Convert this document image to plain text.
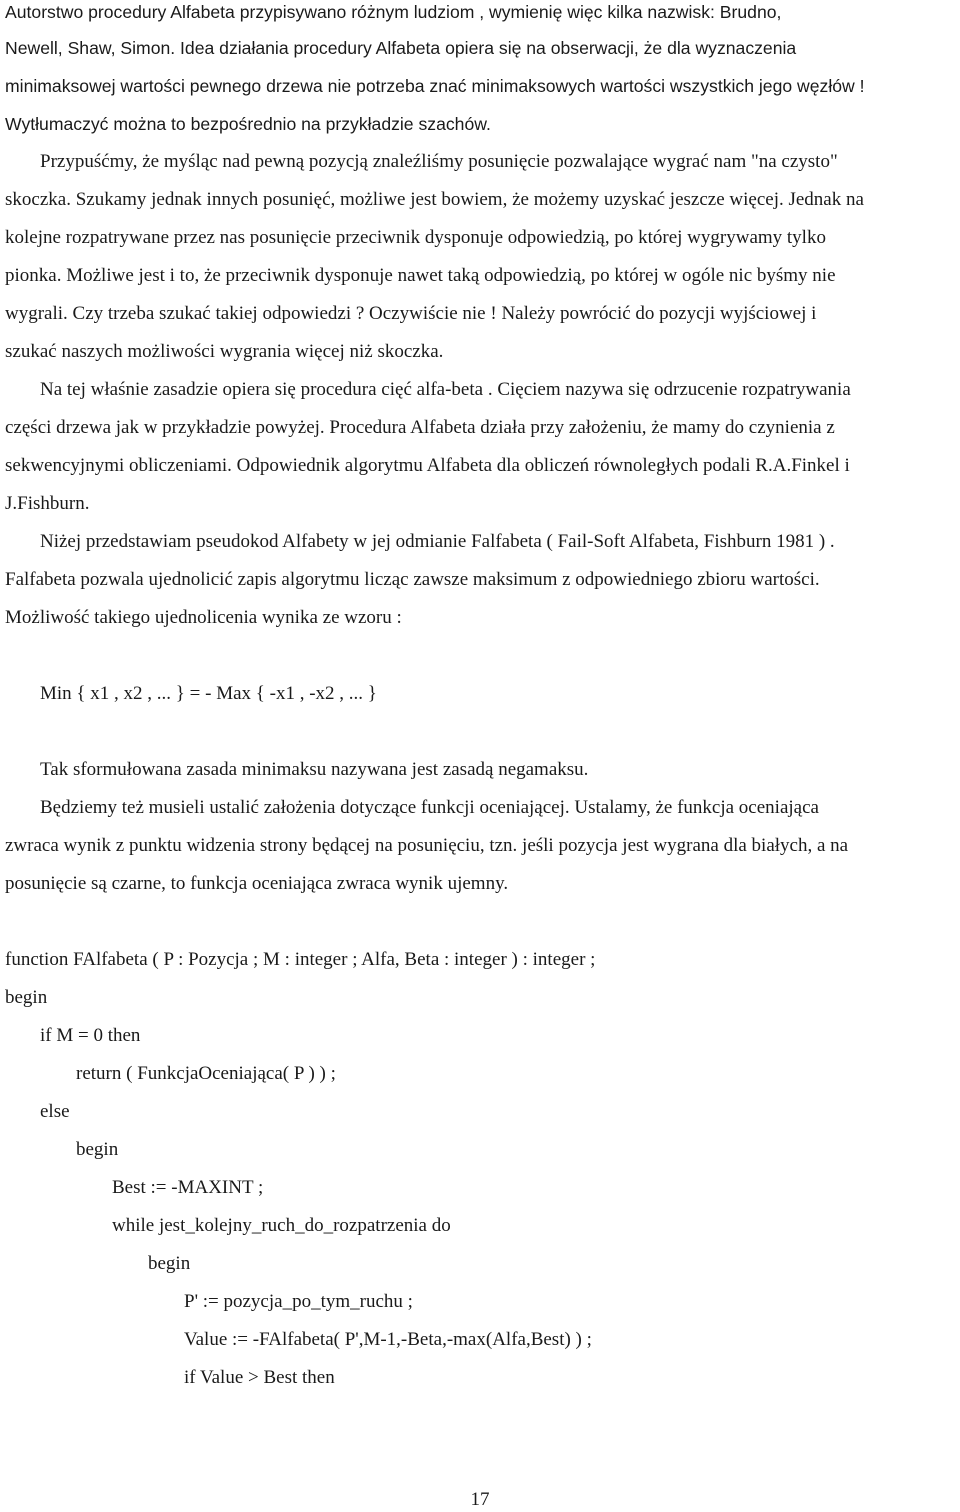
Autorstwo procedury Alfabeta przypisywano różnym ludziom , wymienię więc kilka nazwisk: Brudno,
Newell, Shaw, Simon. Idea działania procedury Alfabeta opiera się na obserwacji, że dla wyznaczenia
minimaksowej wartości pewnego drzewa nie potrzeba znać minimaksowych wartości wszystkich jego węzłów !
Wytłumaczyć można to bezpośrednio na przykładzie szachów.
Przypuśćmy, że myśląc nad pewną pozycją znaleźliśmy posunięcie pozwalające wygrać nam "na czysto"
skoczka. Szukamy jednak innych posunięć, możliwe jest bowiem, że możemy uzyskać jeszcze więcej. Jednak na
kolejne rozpatrywane przez nas posunięcie przeciwnik dysponuje odpowiedzią, po której wygrywamy tylko
pionka. Możliwe jest i to, że przeciwnik dysponuje nawet taką odpowiedzią, po której w ogóle nic byśmy nie
wygrali. Czy trzeba szukać takiej odpowiedzi ? Oczywiście nie ! Należy powrócić do pozycji wyjściowej i
szukać naszych możliwości wygrania więcej niż skoczka.
Na tej właśnie zasadzie opiera się procedura cięć alfa-beta . Cięciem nazywa się odrzucenie rozpatrywania
części drzewa jak w przykładzie powyżej. Procedura Alfabeta działa przy założeniu, że mamy do czynienia z
sekwencyjnymi obliczeniami. Odpowiednik algorytmu Alfabeta dla obliczeń równoległych podali R.A.Finkel i
J.Fishburn.
Niżej przedstawiam pseudokod Alfabety w jej odmianie Falfabeta ( Fail-Soft Alfabeta, Fishburn 1981 ) .
Falfabeta pozwala ujednolicić zapis algorytmu licząc zawsze maksimum z odpowiedniego zbioru wartości.
Możliwość takiego ujednolicenia wynika ze wzoru :
Min { x1 , x2 , ... } = - Max { -x1 , -x2 , ... }
Tak sformułowana zasada minimaksu nazywana jest zasadą negamaksu.
Będziemy też musieli ustalić założenia dotyczące funkcji oceniającej. Ustalamy, że funkcja oceniająca
zwraca wynik z punktu widzenia strony będącej na posunięciu, tzn. jeśli pozycja jest wygrana dla białych, a na
posunięcie są czarne, to funkcja oceniająca zwraca wynik ujemny.
function FAlfabeta ( P : Pozycja ; M : integer ; Alfa, Beta : integer ) : integer ;
begin
if M = 0 then
return ( FunkcjaOceniająca( P ) ) ;
else
begin
Best := -MAXINT ;
while jest_kolejny_ruch_do_rozpatrzenia do
begin
P' := pozycja_po_tym_ruchu ;
Value := -FAlfabeta( P',M-1,-Beta,-max(Alfa,Best) ) ;
if Value > Best then
17
